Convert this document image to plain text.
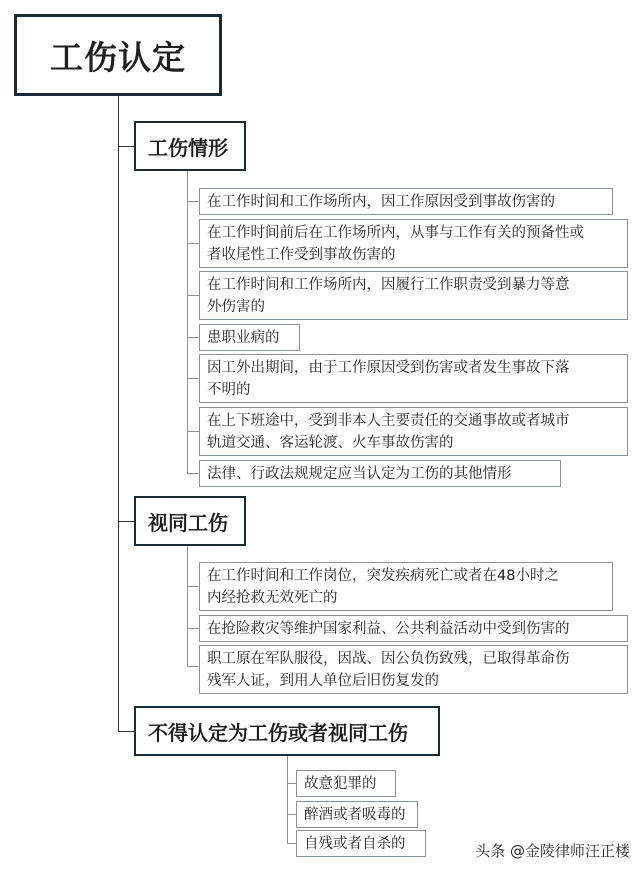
工伤认定
工伤情形
在工作时间和工作场所内，因工作原因受到事故伤害的
在工作时间前后在工作场所内，从事与工作有关的预备性或
者收尾性工作受到事故伤害的
在工作时间和工作场所内，因履行工作职责受到暴力等意
外伤害的
患职业病的
因工外出期间，由于工作原因受到伤害或者发生事故下落
不明的
在上下班途中，受到非本人主要责任的交通事故或者城市
轨道交通、客运轮渡、火车事故伤害的
法律、行政法规规定应当认定为工伤的其他情形
视同工伤
在工作时间和工作岗位，突发疾病死亡或者在48小时之
内经抢救无效死亡的
在抢险救灾等维护国家利益、公共利益活动中受到伤害的
职工原在军队服役，因战、因公负伤致残，已取得革命伤
残军人证，到用人单位后旧伤复发的
不得认定为工伤或者视同工伤
故意犯罪的
醉酒或者吸毒的
自残或者自杀的	头条 @金陵律师汪正楼
